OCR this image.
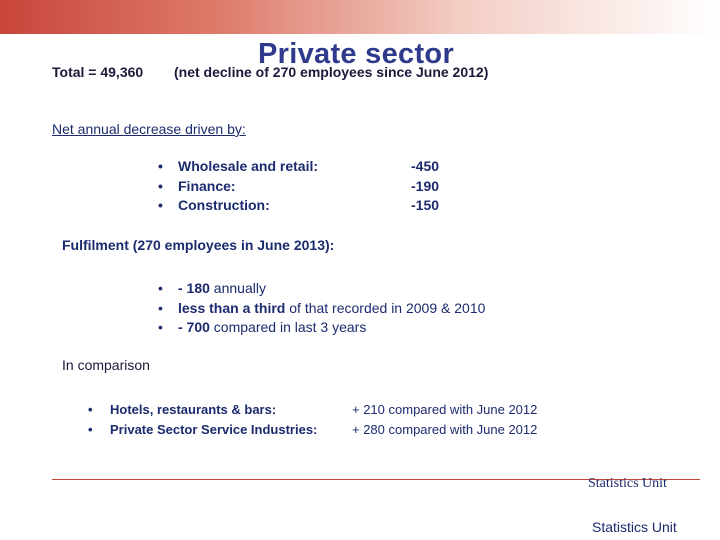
Private sector
Total = 49,360 (net decline of 270 employees since June 2012)
Net annual decrease driven by:
• Wholesale and retail:
• Finance:
• Construction:
-450
-190
-150
Fulfilment (270 employees in June 2013):
• - 180 annually
• less than a third of that recorded in 2009 & 2010
• - 700 compared in last 3 years
In comparison
• Hotels, restaurants & bars:
• Private Sector Service Industries:
+ 210 compared with June 2012
+ 280 compared with June 2012
Statistics Unit
Statistics Unit
